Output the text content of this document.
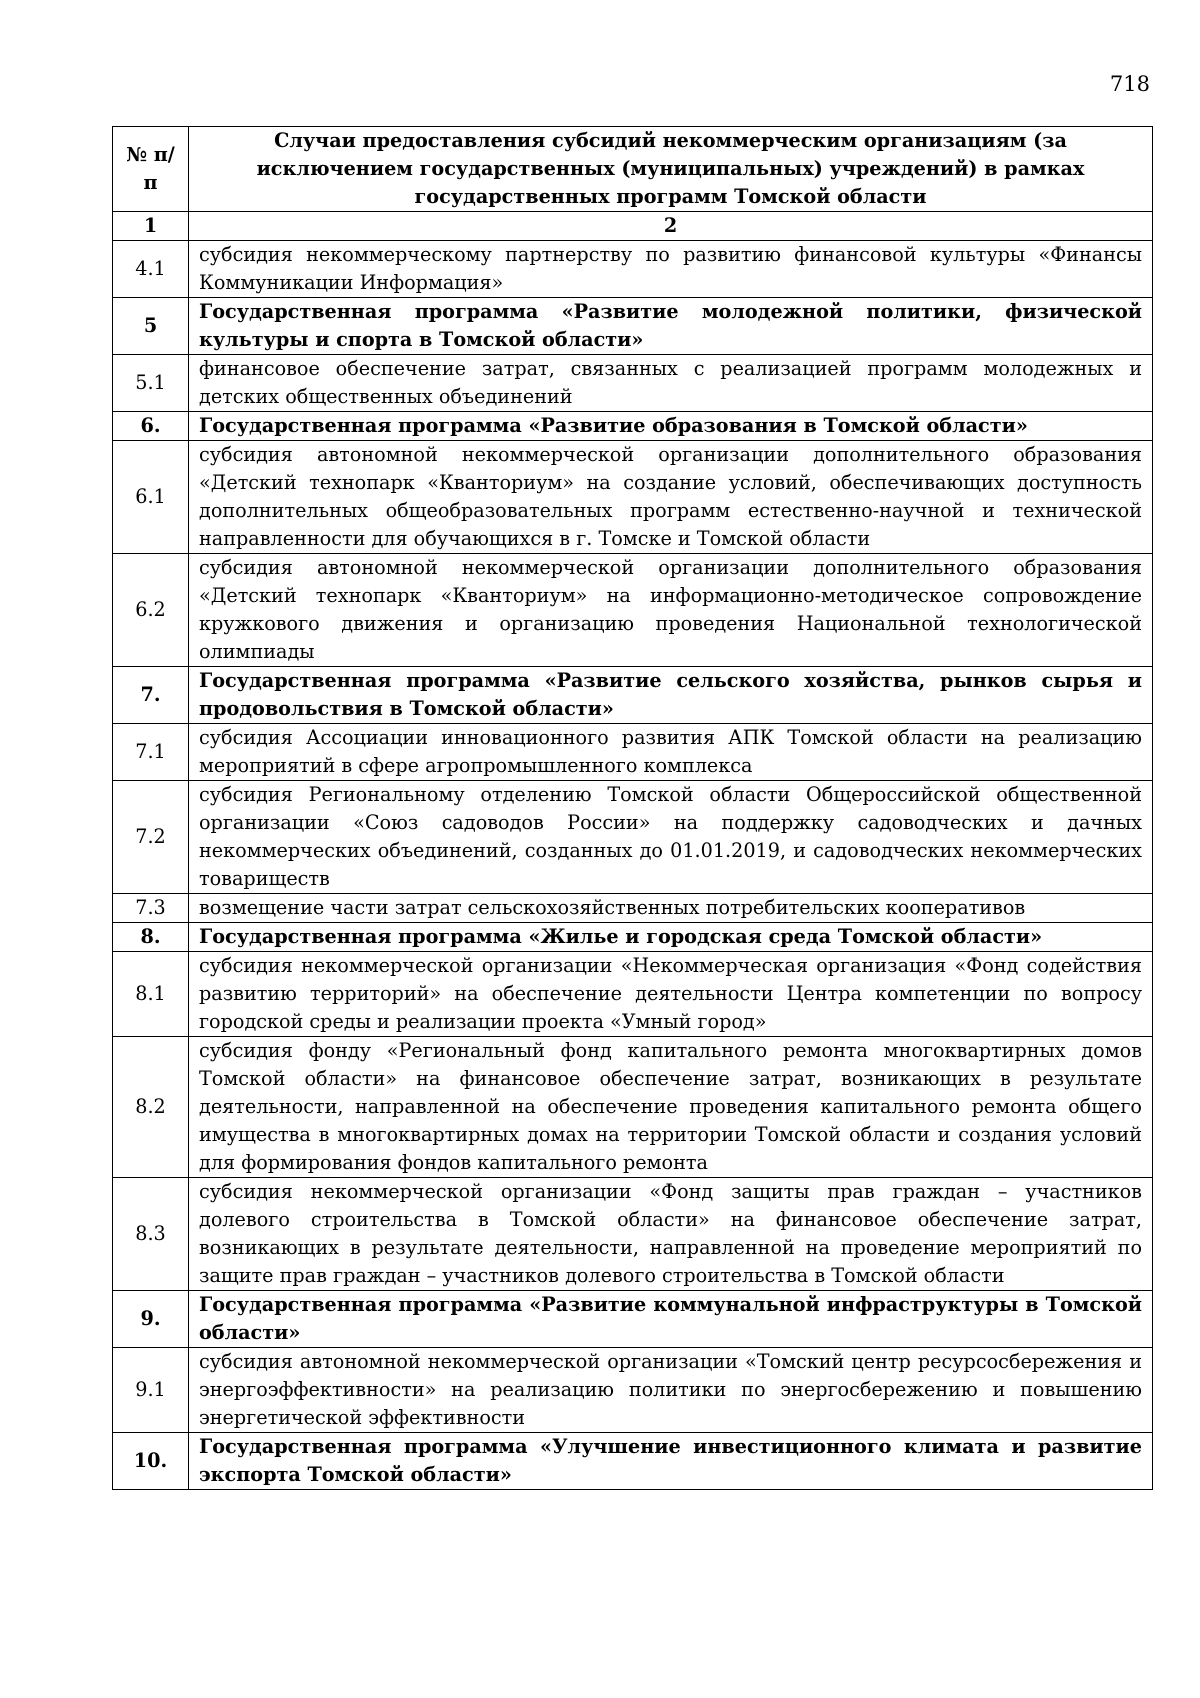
718
№ п/п	Случаи предоставления субсидий некоммерческим организациям (за исключением государственных (муниципальных) учреждений) в рамках государственных программ Томской области
1	2
4.1	субсидия некоммерческому партнерству по развитию финансовой культуры «Финансы Коммуникации Информация»
5	Государственная программа «Развитие молодежной политики, физической культуры и спорта в Томской области»
5.1	финансовое обеспечение затрат, связанных с реализацией программ молодежных и детских общественных объединений
6.	Государственная программа «Развитие образования в Томской области»
6.1	субсидия автономной некоммерческой организации дополнительного образования «Детский технопарк «Кванториум» на создание условий, обеспечивающих доступность дополнительных общеобразовательных программ естественно-научной и технической направленности для обучающихся в г. Томске и Томской области
6.2	субсидия автономной некоммерческой организации дополнительного образования «Детский технопарк «Кванториум» на информационно-методическое сопровождение кружкового движения и организацию проведения Национальной технологической олимпиады
7.	Государственная программа «Развитие сельского хозяйства, рынков сырья и продовольствия в Томской области»
7.1	субсидия Ассоциации инновационного развития АПК Томской области на реализацию мероприятий в сфере агропромышленного комплекса
7.2	субсидия Региональному отделению Томской области Общероссийской общественной организации «Союз садоводов России» на поддержку садоводческих и дачных некоммерческих объединений, созданных до 01.01.2019, и садоводческих некоммерческих товариществ
7.3	возмещение части затрат сельскохозяйственных потребительских кооперативов
8.	Государственная программа «Жилье и городская среда Томской области»
8.1	субсидия некоммерческой организации «Некоммерческая организация «Фонд содействия развитию территорий» на обеспечение деятельности Центра компетенции по вопросу городской среды и реализации проекта «Умный город»
8.2	субсидия фонду «Региональный фонд капитального ремонта многоквартирных домов Томской области» на финансовое обеспечение затрат, возникающих в результате деятельности, направленной на обеспечение проведения капитального ремонта общего имущества в многоквартирных домах на территории Томской области и создания условий для формирования фондов капитального ремонта
8.3	субсидия некоммерческой организации «Фонд защиты прав граждан – участников долевого строительства в Томской области» на финансовое обеспечение затрат, возникающих в результате деятельности, направленной на проведение мероприятий по защите прав граждан – участников долевого строительства в Томской области
9.	Государственная программа «Развитие коммунальной инфраструктуры в Томской области»
9.1	субсидия автономной некоммерческой организации «Томский центр ресурсосбережения и энергоэффективности» на реализацию политики по энергосбережению и повышению энергетической эффективности
10.	Государственная программа «Улучшение инвестиционного климата и развитие экспорта Томской области»
